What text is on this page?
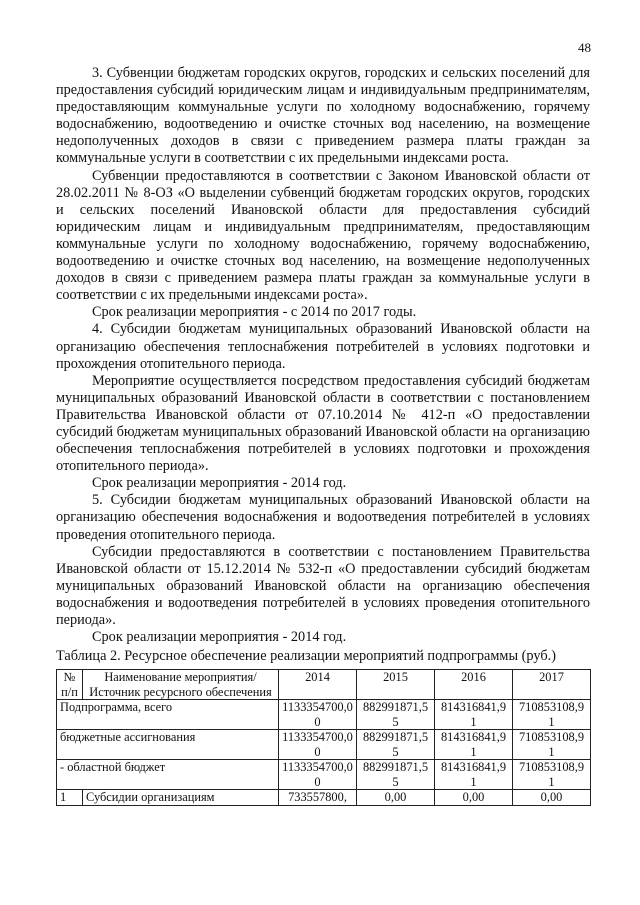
48

3. Субвенции бюджетам городских округов, городских и сельских поселений для предоставления субсидий юридическим лицам и индивидуальным предпринимателям, предоставляющим коммунальные услуги по холодному водоснабжению, горячему водоснабжению, водоотведению и очистке сточных вод населению, на возмещение недополученных доходов в связи с приведением размера платы граждан за коммунальные услуги в соответствии с их предельными индексами роста.

Субвенции предоставляются в соответствии с Законом Ивановской области от 28.02.2011 № 8-ОЗ «О выделении субвенций бюджетам городских округов, городских и сельских поселений Ивановской области для предоставления субсидий юридическим лицам и индивидуальным предпринимателям, предоставляющим коммунальные услуги по холодному водоснабжению, горячему водоснабжению, водоотведению и очистке сточных вод населению, на возмещение недополученных доходов в связи с приведением размера платы граждан за коммунальные услуги в соответствии с их предельными индексами роста».

Срок реализации мероприятия - с 2014 по 2017 годы.

4. Субсидии бюджетам муниципальных образований Ивановской области на организацию обеспечения теплоснабжения потребителей в условиях подготовки и прохождения отопительного периода.

Мероприятие осуществляется посредством предоставления субсидий бюджетам муниципальных образований Ивановской области в соответствии с постановлением Правительства Ивановской области от 07.10.2014 № 412-п «О предоставлении субсидий бюджетам муниципальных образований Ивановской области на организацию обеспечения теплоснабжения потребителей в условиях подготовки и прохождения отопительного периода».

Срок реализации мероприятия - 2014 год.

5. Субсидии бюджетам муниципальных образований Ивановской области на организацию обеспечения водоснабжения и водоотведения потребителей в условиях проведения отопительного периода.

Субсидии предоставляются в соответствии с постановлением Правительства Ивановской области от 15.12.2014 № 532-п «О предоставлении субсидий бюджетам муниципальных образований Ивановской области на организацию обеспечения водоснабжения и водоотведения потребителей в условиях проведения отопительного периода».

Срок реализации мероприятия - 2014 год.

Таблица 2. Ресурсное обеспечение реализации мероприятий подпрограммы (руб.)

№ п/п	Наименование мероприятия/ Источник ресурсного обеспечения	2014	2015	2016	2017
Подпрограмма, всего		1133354700,00	882991871,55	814316841,91	710853108,91
бюджетные ассигнования		1133354700,00	882991871,55	814316841,91	710853108,91
- областной бюджет		1133354700,00	882991871,55	814316841,91	710853108,91
1	Субсидии организациям	733557800,	0,00	0,00	0,00
